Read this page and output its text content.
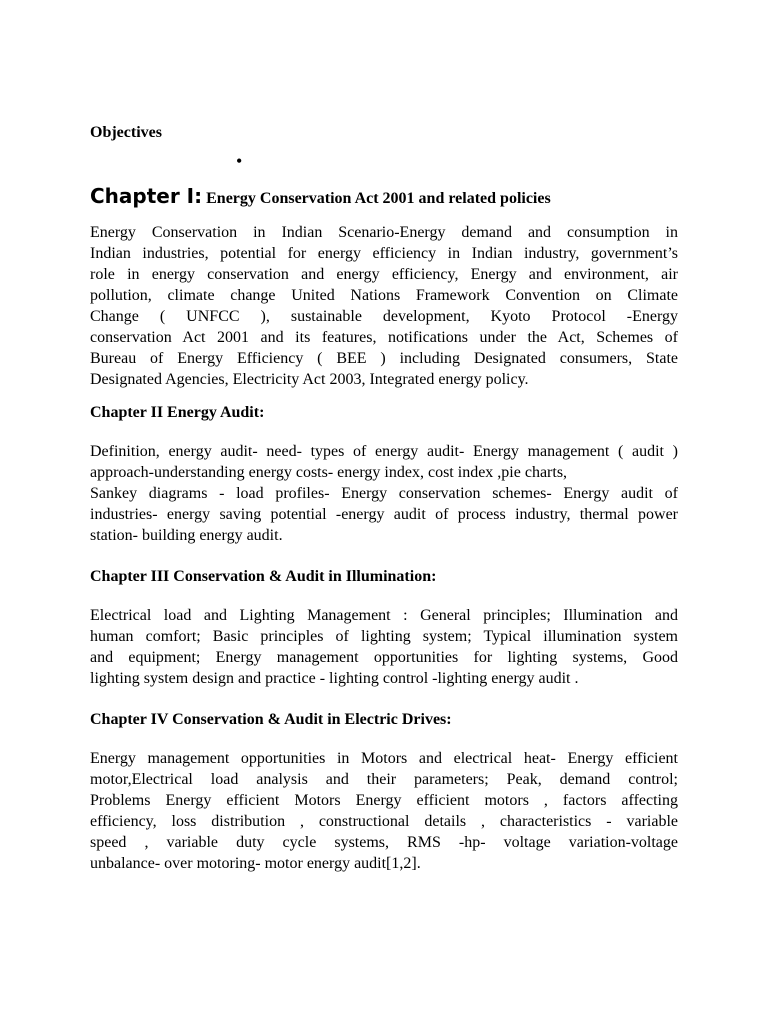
Objectives

•
Chapter I: Energy Conservation Act 2001 and related policies
Energy Conservation in Indian Scenario-Energy demand and consumption in
Indian industries, potential for energy efficiency in Indian industry, government’s
role in energy conservation and energy efficiency, Energy and environment, air
pollution, climate change United Nations Framework Convention on Climate
Change ( UNFCC ), sustainable development, Kyoto Protocol -Energy
conservation Act 2001 and its features, notifications under the Act, Schemes of
Bureau of Energy Efficiency ( BEE ) including Designated consumers, State
Designated Agencies, Electricity Act 2003, Integrated energy policy.

Chapter II Energy Audit:

Definition, energy audit- need- types of energy audit- Energy management ( audit )
approach-understanding energy costs- energy index, cost index ,pie charts,
Sankey diagrams - load profiles- Energy conservation schemes- Energy audit of
industries- energy saving potential -energy audit of process industry, thermal power
station- building energy audit.

Chapter III Conservation & Audit in Illumination:

Electrical load and Lighting Management : General principles; Illumination and
human comfort; Basic principles of lighting system; Typical illumination system
and equipment; Energy management opportunities for lighting systems, Good
lighting system design and practice - lighting control -lighting energy audit .

Chapter IV Conservation & Audit in Electric Drives:

Energy management opportunities in Motors and electrical heat- Energy efficient
motor,Electrical load analysis and their parameters; Peak, demand control;
Problems Energy efficient Motors Energy efficient motors , factors affecting
efficiency, loss distribution , constructional details , characteristics - variable
speed , variable duty cycle systems, RMS -hp- voltage variation-voltage
unbalance- over motoring- motor energy audit[1,2].
